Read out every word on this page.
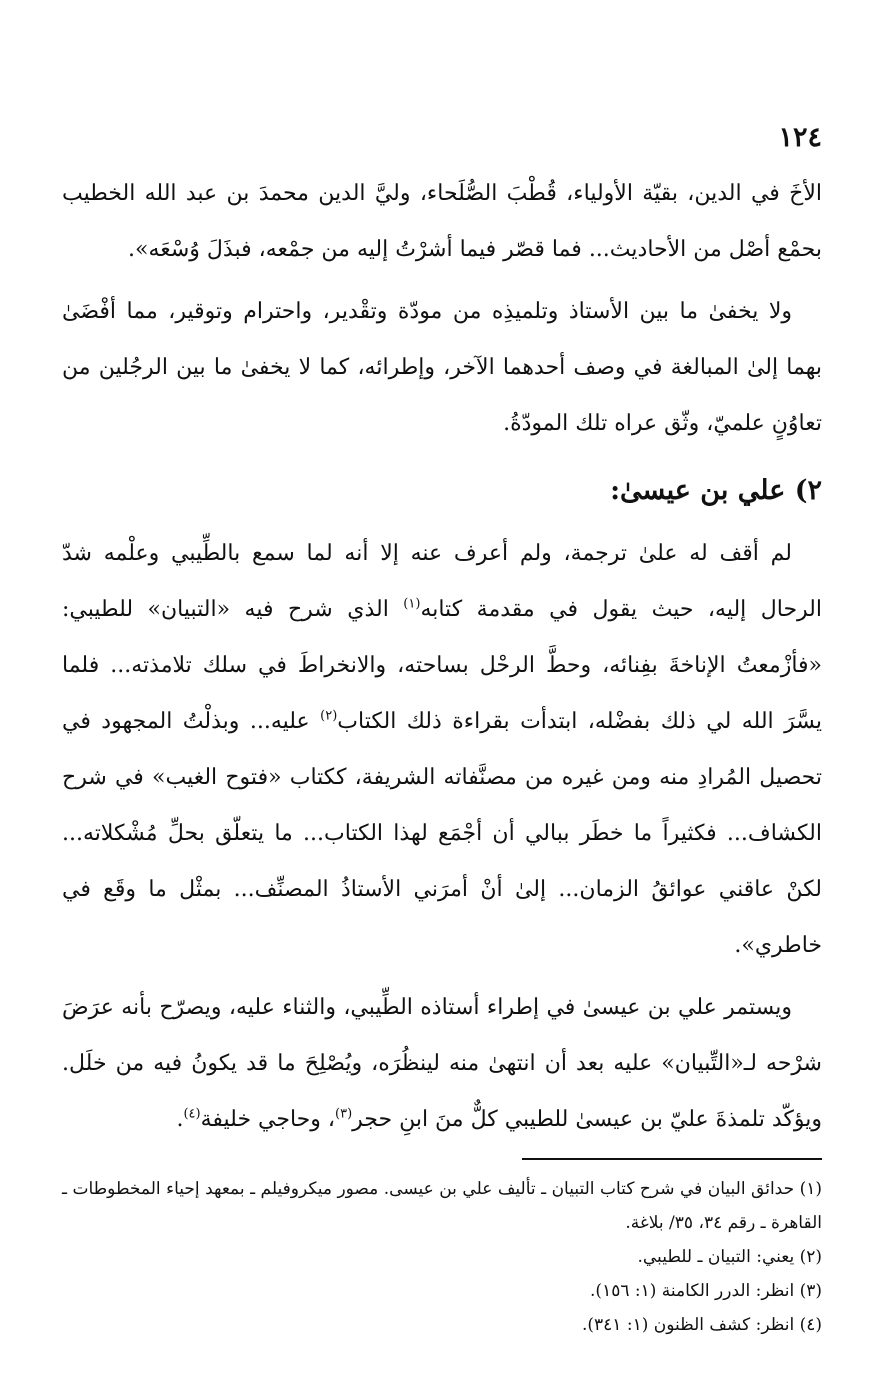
١٢٤

الأخَ في الدين، بقيّة الأولياء، قُطْبَ الصُّلَحاء، وليَّ الدين محمدَ بن عبد الله الخطيب بحمْع أصْل من الأحاديث... فما قصّر فيما أشرْتُ إليه من جمْعه، فبذَلَ وُسْعَه».

ولا يخفىٰ ما بين الأستاذ وتلميذِه من مودّة وتقْدير، واحترام وتوقير، مما أفْضَىٰ بهما إلىٰ المبالغة في وصف أحدهما الآخر، وإطرائه، كما لا يخفىٰ ما بين الرجُلين من تعاوُنٍ علميّ، وثّق عراه تلك المودّةُ.

٢) علي بن عيسىٰ:

لم أقف له علىٰ ترجمة، ولم أعرف عنه إلا أنه لما سمع بالطِّيبي وعلْمه شدّ الرحال إليه، حيث يقول في مقدمة كتابه$^{(١)}$ الذي شرح فيه «التبيان» للطيبي: «فأزْمعتُ الإناخةَ بفِنائه، وحطَّ الرحْل بساحته، والانخراطَ في سلك تلامذته... فلما يسَّرَ الله لي ذلك بفضْله، ابتدأت بقراءة ذلك الكتاب$^{(٢)}$ عليه... وبذلْتُ المجهود في تحصيل المُرادِ منه ومن غيره من مصنَّفاته الشريفة، ككتاب «فتوح الغيب» في شرح الكشاف... فكثيراً ما خطَر ببالي أن أجْمَع لهذا الكتاب... ما يتعلّق بحلِّ مُشْكلاته... لكنْ عاقني عوائقُ الزمان... إلىٰ أنْ أمرَني الأستاذُ المصنِّف... بمثْل ما وقَع في خاطري».

ويستمر علي بن عيسىٰ في إطراء أستاذه الطِّيبي، والثناء عليه، ويصرّح بأنه عرَضَ شرْحه لـ«التِّبيان» عليه بعد أن انتهىٰ منه لينظُرَه، ويُصْلِحَ ما قد يكونُ فيه من خلَل. ويؤكّد تلمذةَ عليّ بن عيسىٰ للطيبي كلٌّ منَ ابنِ حجر$^{(٣)}$، وحاجي خليفة$^{(٤)}$.

(١) حدائق البيان في شرح كتاب التبيان ـ تأليف علي بن عيسى. مصور ميكروفيلم ـ بمعهد إحياء المخطوطات ـ القاهرة ـ رقم ٣٤، ٣٥/ بلاغة.

(٢) يعني: التبيان ـ للطيبي.

(٣) انظر: الدرر الكامنة (١: ١٥٦).

(٤) انظر: كشف الظنون (١: ٣٤١).
